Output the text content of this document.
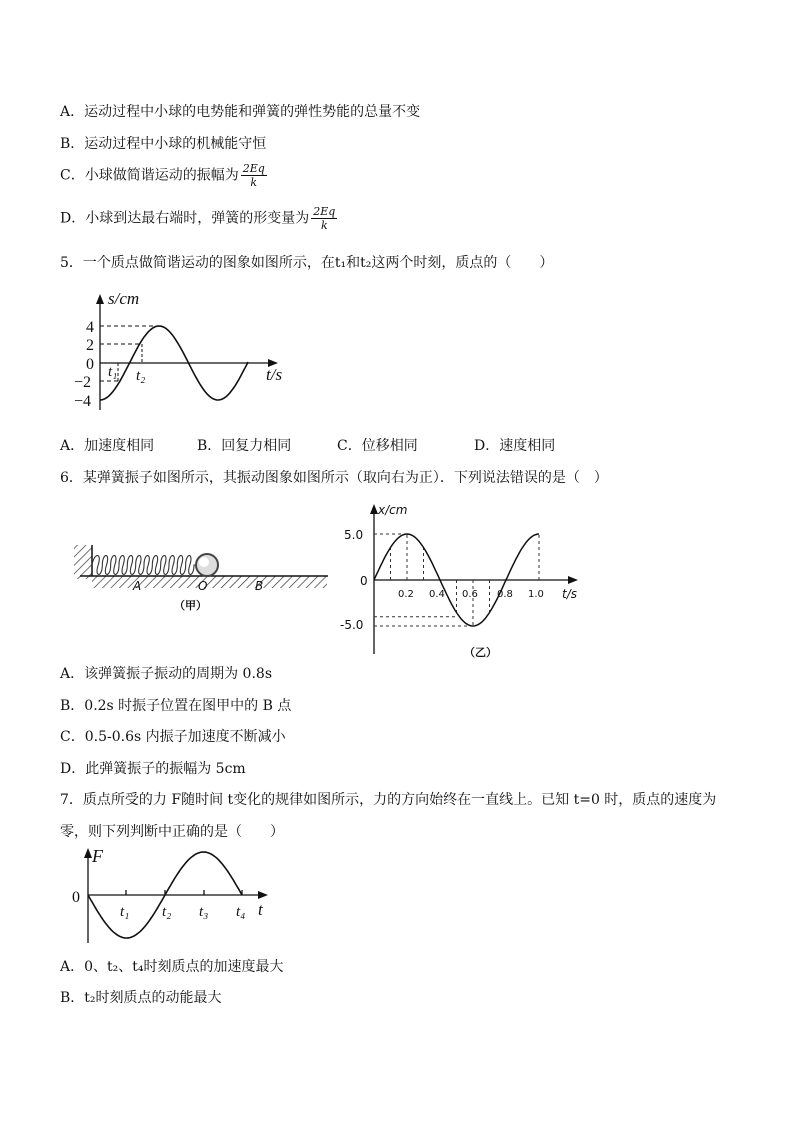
A．运动过程中小球的电势能和弹簧的弹性势能的总量不变
B．运动过程中小球的机械能守恒
C．小球做简谐运动的振幅为 $\frac{2Eq}{k}$
D．小球到达最右端时，弹簧的形变量为 $\frac{2Eq}{k}$
5．一个质点做简谐运动的图象如图所示，在t₁和t₂这两个时刻，质点的（　　）
s/cm
t/s
4
2
0
−2
−4
t₁ t₂
A．加速度相同	B．回复力相同	C．位移相同	D．速度相同
6．某弹簧振子如图所示，其振动图象如图所示（取向右为正）．下列说法错误的是（　）
A	O	B
（甲）
x/cm
t/s
5.0
0
-5.0
0.2 0.4 0.6 0.8 1.0
（乙）
A．该弹簧振子振动的周期为 0.8s
B．0.2s 时振子位置在图甲中的 B 点
C．0.5-0.6s 内振子加速度不断减小
D．此弹簧振子的振幅为 5cm
7．质点所受的力 F随时间 t变化的规律如图所示，力的方向始终在一直线上。已知 t=0 时，质点的速度为
零，则下列判断中正确的是（　　）
F
t
0
t₁ t₂ t₃ t₄
A．0、t₂、t₄时刻质点的加速度最大
B．t₂时刻质点的动能最大
